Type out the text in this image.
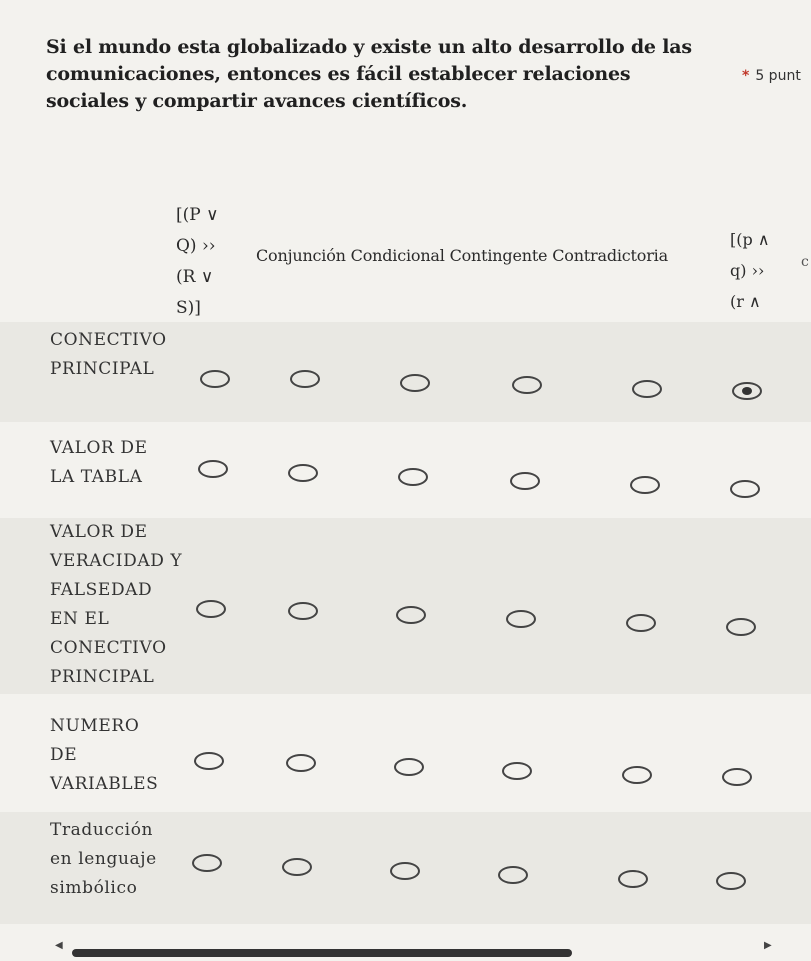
Si el mundo esta globalizado y existe un alto desarrollo de las comunicaciones, entonces es fácil establecer relaciones sociales y compartir avances científicos.
* 5 punt
[(P ∨
Q) ››
(R ∨
S)]
Conjunción Condicional Contingente Contradictoria
[(p ∧
q) ››
(r ∧
c
CONECTIVO PRINCIPAL
VALOR DE LA TABLA
VALOR DE VERACIDAD Y FALSEDAD EN EL CONECTIVO PRINCIPAL
NUMERO DE VARIABLES
Traducción en lenguaje simbólico
◀	▶
